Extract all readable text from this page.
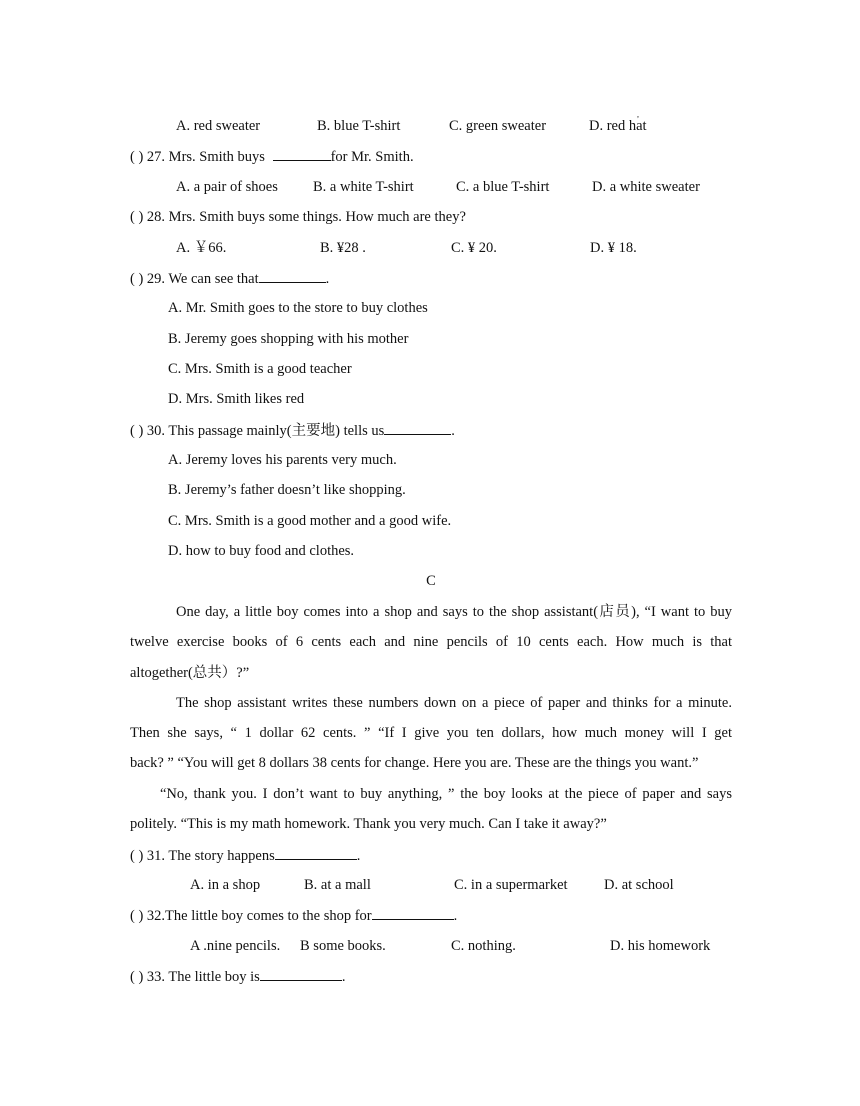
A. red sweater	B. blue T-shirt	C. green sweater	D. red hat
,
( ) 27. Mrs. Smith buys	for Mr. Smith.
A. a pair of shoes B. a white T-shirt	C. a blue T-shirt	D. a white sweater
( ) 28. Mrs. Smith buys some things. How much are they?
A. ￥66.	B. ¥28 .	C. ¥ 20.	D. ¥ 18.
( ) 29. We can see that	.
A. Mr. Smith goes to the store to buy clothes
B. Jeremy goes shopping with his mother
C. Mrs. Smith is a good teacher
D. Mrs. Smith likes red
( ) 30. This passage mainly(主要地) tells us	.
A. Jeremy loves his parents very much.
B. Jeremy’s father doesn’t like shopping.
C. Mrs. Smith is a good mother and a good wife.
D. how to buy food and clothes.
C
One day, a little boy comes into a shop and says to the shop assistant(店员), “I want to buy
twelve exercise books of 6 cents each and nine pencils of 10 cents each. How much is that
altogether(总共）?”
The shop assistant writes these numbers down on a piece of paper and thinks for a minute.
Then she says, “ 1 dollar 62 cents. ” “If I give you ten dollars, how much money will I get
back? ” “You will get 8 dollars 38 cents for change. Here you are. These are the things you want.”
“No, thank you. I don’t want to buy anything, ” the boy looks at the piece of paper and says
politely. “This is my math homework. Thank you very much. Can I take it away?”
( ) 31. The story happens	.
A. in a shop	B. at a mall	C. in a supermarket	D. at school
( ) 32.The little boy comes to the shop for	.
A .nine pencils. B some books.	C. nothing.	D. his homework
( ) 33. The little boy is	.
